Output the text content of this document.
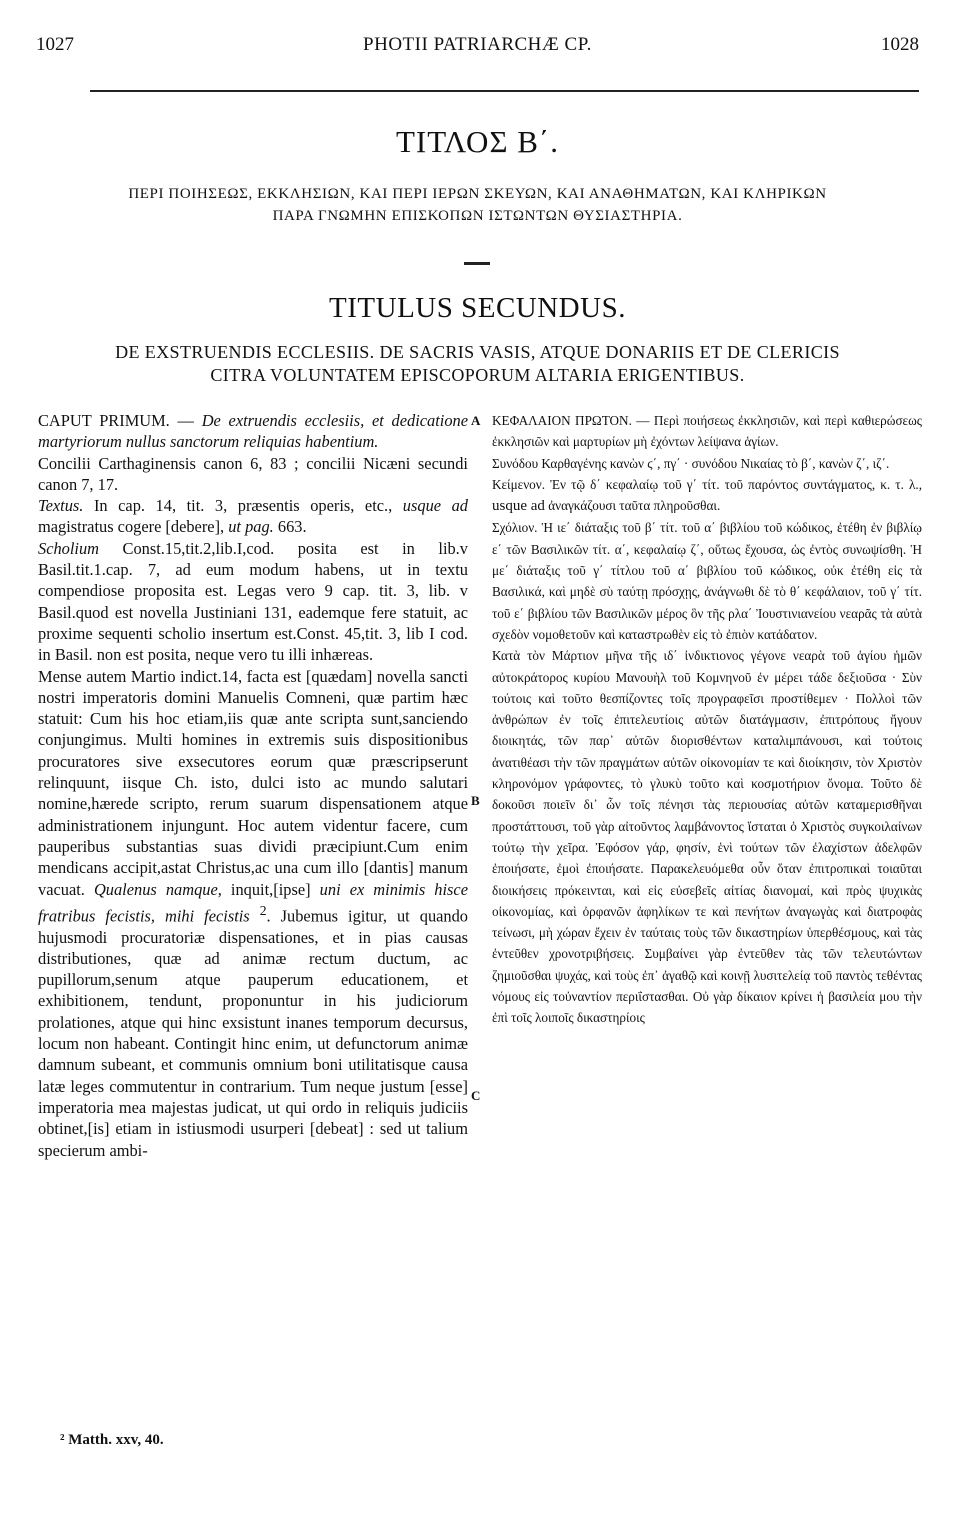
1027	PHOTII PATRIARCHÆ CP.	1028
ΤΙΤΛΟΣ Β΄.
ΠΕΡΙ ΠΟΙΗΣΕΩΣ, ΕΚΚΛΗΣΙΩΝ, ΚΑΙ ΠΕΡΙ ΙΕΡΩΝ ΣΚΕΥΩΝ, ΚΑΙ ΑΝΑΘΗΜΑΤΩΝ, ΚΑΙ ΚΛΗΡΙΚΩΝ
ΠΑΡΑ ΓΝΩΜΗΝ ΕΠΙΣΚΟΠΩΝ ΙΣΤΩΝΤΩΝ ΘΥΣΙΑΣΤΗΡΙΑ.
TITULUS SECUNDUS.
DE EXSTRUENDIS ECCLESIIS. DE SACRIS VASIS, ATQUE DONARIIS ET DE CLERICIS
CITRA VOLUNTATEM EPISCOPORUM ALTARIA ERIGENTIBUS.
A
B
C

CAPUT PRIMUM. — De extruendis ecclesiis, et dedicatione martyriorum nullus sanctorum reliquias habentium.

Concilii Carthaginensis canon 6, 83 ; concilii Nicæni secundi canon 7, 17.

Textus. In cap. 14, tit. 3, præsentis operis, etc., usque ad magistratus cogere [debere], ut pag. 663.

Scholium Const.15,tit.2,lib.I,cod. posita est in lib.v Basil.tit.1.cap. 7, ad eum modum habens, ut in textu compendiose proposita est. Legas vero 9 cap. tit. 3, lib. v Basil.quod est novella Justiniani 131, eademque fere statuit, ac proxime sequenti scholio insertum est.Const. 45,tit. 3, lib I cod. in Basil. non est posita, neque vero tu illi inhæreas.

Mense autem Martio indict.14, facta est [quædam] novella sancti nostri imperatoris domini Manuelis Comneni, quæ partim hæc statuit: Cum his hoc etiam,iis quæ ante scripta sunt,sanciendo conjungimus. Multi homines in extremis suis dispositionibus procuratores sive exsecutores eorum quæ præscripserunt relinquunt, iisque Ch. isto, dulci isto ac mundo salutari nomine,hærede scripto, rerum suarum dispensationem atque administrationem injungunt. Hoc autem videntur facere, cum pauperibus substantias suas dividi præcipiunt.Cum enim mendicans accipit,astat Christus,ac una cum illo [dantis] manum vacuat. Qualenus namque, inquit,[ipse] uni ex minimis hisce fratribus fecistis, mihi fecistis $^2$. Jubemus igitur, ut quando hujusmodi procuratoriæ dispensationes, et in pias causas distributiones, quæ ad animæ rectum ductum, ac pupillorum,senum atque pauperum educationem, et exhibitionem, tendunt, proponuntur in his judiciorum prolationes, atque qui hinc exsistunt inanes temporum decursus, locum non habeant. Contingit hinc enim, ut defunctorum animæ damnum subeant, et communis omnium boni utilitatisque causa latæ leges commutentur in contrarium. Tum neque justum [esse] imperatoria mea majestas judicat, ut qui ordo in reliquis judiciis obtinet,[is] etiam in istiusmodi usurperi [debeat] : sed ut talium specierum ambi-

ΚΕΦΑΛΑΙΟΝ ΠΡΩΤΟΝ. — Περὶ ποιήσεως ἐκκλησιῶν, καὶ περὶ καθιερώσεως ἐκκλησιῶν καὶ μαρτυρίων μὴ ἐχόντων λείψανα ἁγίων.

Συνόδου Καρθαγένης κανὼν ϛ΄, πγ΄ · συνόδου Νικαίας τὸ β΄, κανὼν ζ΄, ιζ΄.

Κείμενον. Ἐν τῷ δ΄ κεφαλαίῳ τοῦ γ΄ τίτ. τοῦ παρόντος συντάγματος, κ. τ. λ., usque ad ἀναγκάζουσι ταῦτα πληροῦσθαι.

Σχόλιον. Ἡ ιε΄ διάταξις τοῦ β΄ τίτ. τοῦ α΄ βιβλίου τοῦ κώδικος, ἐτέθη ἐν βιβλίῳ ε΄ τῶν Βασιλικῶν τίτ. α΄, κεφαλαίῳ ζ΄, οὕτως ἔχουσα, ὡς ἐντὸς συνωψίσθη. Ἡ με΄ διάταξις τοῦ γ΄ τίτλου τοῦ α΄ βιβλίου τοῦ κώδικος, οὐκ ἐτέθη εἰς τὰ Βασιλικά, καὶ μηδὲ σὺ ταύτῃ πρόσχῃς, ἀνάγνωθι δὲ τὸ θ΄ κεφάλαιον, τοῦ γ΄ τίτ. τοῦ ε΄ βιβλίου τῶν Βασιλικῶν μέρος ὃν τῆς ρλα΄ Ἰουστινιανείου νεαρᾶς τὰ αὐτὰ σχεδὸν νομοθετοῦν καὶ καταστρωθὲν εἰς τὸ ἐπιὸν κατάδατον.

Κατὰ τὸν Μάρτιον μῆνα τῆς ιδ΄ ἰνδικτιονος γέγονε νεαρὰ τοῦ ἁγίου ἡμῶν αὐτοκράτορος κυρίου Μανουὴλ τοῦ Κομνηνοῦ ἐν μέρει τάδε δεξιοῦσα · Σὺν τούτοις καὶ τοῦτο θεσπίζοντες τοῖς προγραφεῖσι προστίθεμεν · Πολλοὶ τῶν ἀνθρώπων ἐν τοῖς ἐπιτελευτίοις αὐτῶν διατάγμασιν, ἐπιτρόπους ἤγουν διοικητάς, τῶν παρ᾽ αὐτῶν διορισθέντων καταλιμπάνουσι, καὶ τούτοις ἀνατιθέασι τὴν τῶν πραγμάτων αὐτῶν οἰκονομίαν τε καὶ διοίκησιν, τὸν Χριστὸν κληρονόμον γράφοντες, τὸ γλυκὺ τοῦτο καὶ κοσμοτήριον ὄνομα. Τοῦτο δὲ δοκοῦσι ποιεῖν δι᾽ ὧν τοῖς πένησι τὰς περιουσίας αὐτῶν καταμερισθῆναι προστάττουσι, τοῦ γὰρ αἰτοῦντος λαμβάνοντος ἵσταται ὁ Χριστὸς συγκοιλαίνων τούτῳ τὴν χεῖρα. Ἐφόσον γάρ, φησίν, ἑνὶ τούτων τῶν ἐλαχίστων ἀδελφῶν ἐποιήσατε, ἐμοὶ ἐποιήσατε. Παρακελευόμεθα οὖν ὅταν ἐπιτροπικαὶ τοιαῦται διοικήσεις πρόκεινται, καὶ εἰς εὐσεβεῖς αἰτίας διανομαί, καὶ πρὸς ψυχικὰς οἰκονομίας, καὶ ὀρφανῶν ἀφηλίκων τε καὶ πενήτων ἀναγωγὰς καὶ διατροφὰς τείνωσι, μὴ χώραν ἔχειν ἐν ταύταις τοὺς τῶν δικαστηρίων ὑπερθέσμους, καὶ τὰς ἐντεῦθεν χρονοτριβήσεις. Συμβαίνει γὰρ ἐντεῦθεν τὰς τῶν τελευτώντων ζημιοῦσθαι ψυχάς, καὶ τοὺς ἐπ᾽ ἀγαθῷ καὶ κοινῇ λυσιτελείᾳ τοῦ παντὸς τεθέντας νόμους εἰς τοὐναντίον περιΐστασθαι. Οὐ γὰρ δίκαιον κρίνει ἡ βασιλεία μου τὴν ἐπὶ τοῖς λοιποῖς δικαστηρίοις

² Matth. xxv, 40.
